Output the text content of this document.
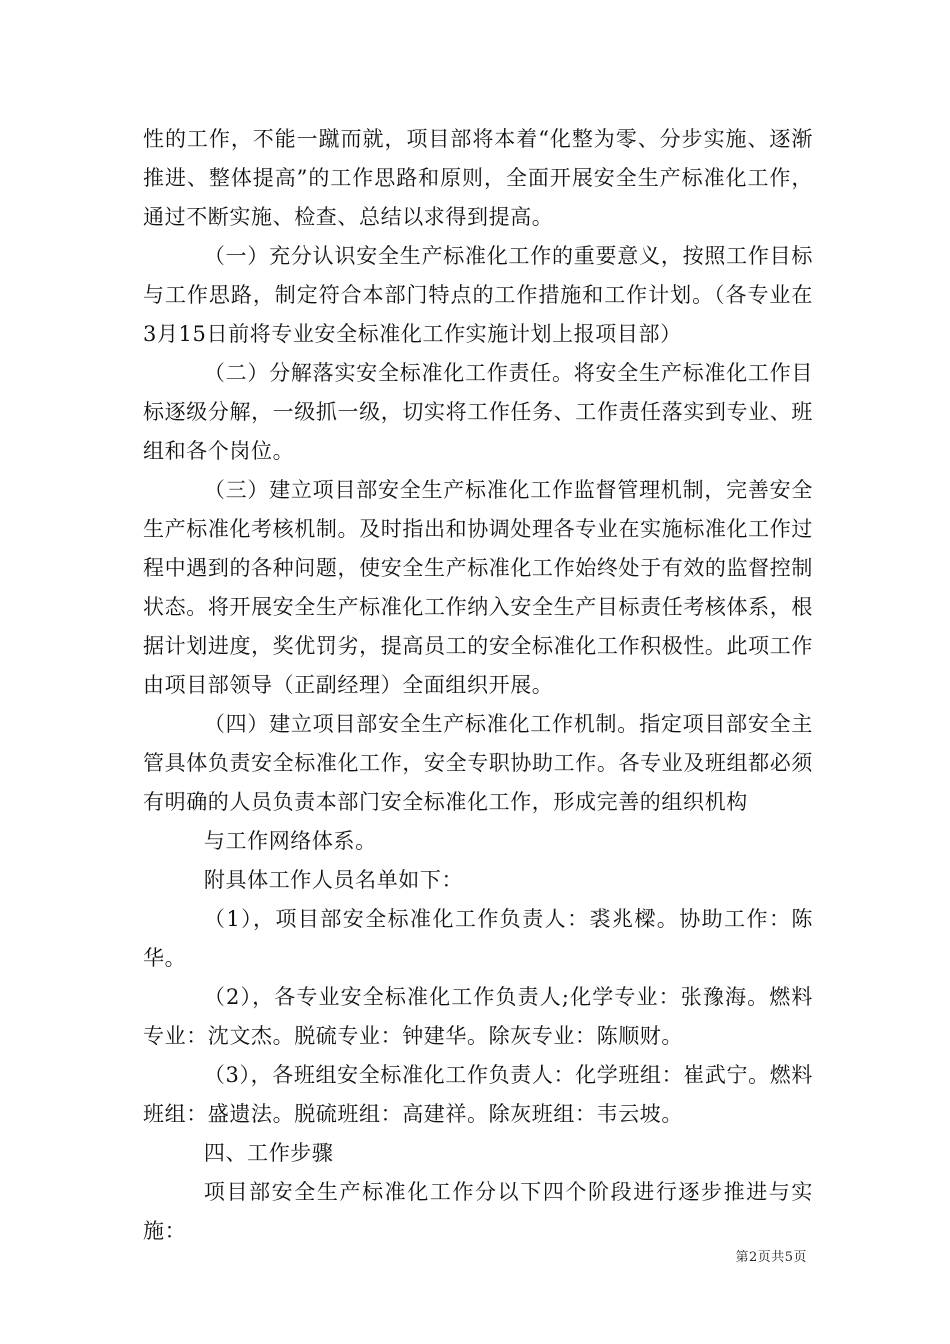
性的工作，不能一蹴而就，项目部将本着“化整为零、分步实施、逐渐推进、整体提高”的工作思路和原则，全面开展安全生产标准化工作，通过不断实施、检查、总结以求得到提高。

（一）充分认识安全生产标准化工作的重要意义，按照工作目标与工作思路，制定符合本部门特点的工作措施和工作计划。（各专业在3月15日前将专业安全标准化工作实施计划上报项目部）

（二）分解落实安全标准化工作责任。将安全生产标准化工作目标逐级分解，一级抓一级，切实将工作任务、工作责任落实到专业、班组和各个岗位。

（三）建立项目部安全生产标准化工作监督管理机制，完善安全生产标准化考核机制。及时指出和协调处理各专业在实施标准化工作过程中遇到的各种问题，使安全生产标准化工作始终处于有效的监督控制状态。将开展安全生产标准化工作纳入安全生产目标责任考核体系，根据计划进度，奖优罚劣，提高员工的安全标准化工作积极性。此项工作由项目部领导（正副经理）全面组织开展。

（四）建立项目部安全生产标准化工作机制。指定项目部安全主管具体负责安全标准化工作，安全专职协助工作。各专业及班组都必须有明确的人员负责本部门安全标准化工作，形成完善的组织机构

与工作网络体系。

附具体工作人员名单如下：

（1），项目部安全标准化工作负责人：裘兆樑。协助工作：陈华。

（2），各专业安全标准化工作负责人;化学专业：张豫海。燃料专业：沈文杰。脱硫专业：钟建华。除灰专业：陈顺财。

（3），各班组安全标准化工作负责人：化学班组：崔武宁。燃料班组：盛遗法。脱硫班组：高建祥。除灰班组：韦云坡。

四、工作步骤

项目部安全生产标准化工作分以下四个阶段进行逐步推进与实施：

第2页共5页
